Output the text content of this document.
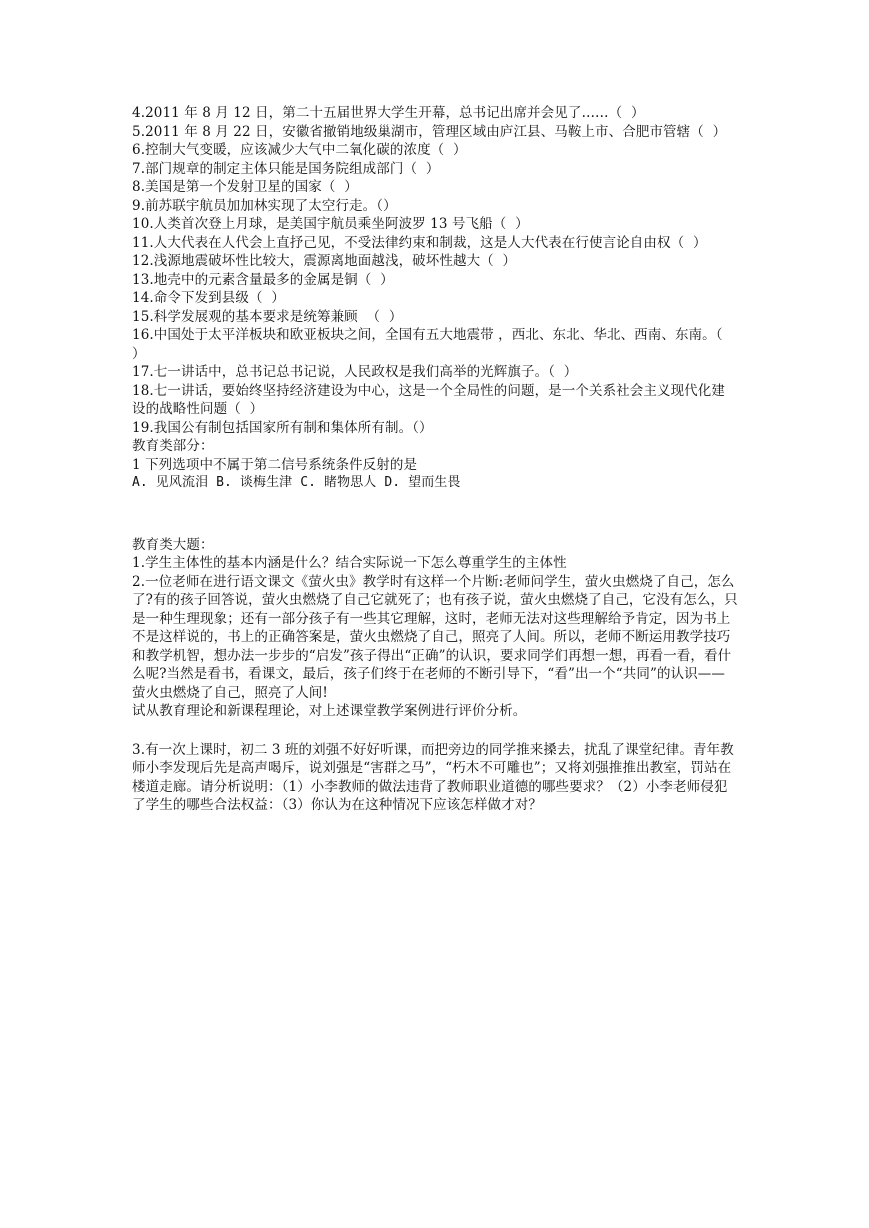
4.2011 年 8 月 12 日，第二十五届世界大学生开幕，总书记出席并会见了……（  ）
5.2011 年 8 月 22 日，安徽省撤销地级巢湖市，管理区域由庐江县、马鞍上市、合肥市管辖（  ）
6.控制大气变暖，应该减少大气中二氧化碳的浓度（  ）
7.部门规章的制定主体只能是国务院组成部门（  ）
8.美国是第一个发射卫星的国家（  ）
9.前苏联宇航员加加林实现了太空行走。（）
10.人类首次登上月球，是美国宇航员乘坐阿波罗 13 号飞船（  ）
11.人大代表在人代会上直抒己见，不受法律约束和制裁，这是人大代表在行使言论自由权（  ）
12.浅源地震破坏性比较大，震源离地面越浅，破坏性越大（  ）
13.地壳中的元素含量最多的金属是铜（  ）
14.命令下发到县级（  ）
15.科学发展观的基本要求是统筹兼顾  （  ）
16.中国处于太平洋板块和欧亚板块之间，全国有五大地震带 ，西北、东北、华北、西南、东南。（  ）
17.七一讲话中，总书记总书记说，人民政权是我们高举的光辉旗子。（  ）
18.七一讲话，要始终坚持经济建设为中心，这是一个全局性的问题，是一个关系社会主义现代化建设的战略性问题（  ）
19.我国公有制包括国家所有制和集体所有制。（）
教育类部分：
1 下列选项中不属于第二信号系统条件反射的是
A. 见风流泪 B. 谈梅生津 C. 睹物思人 D. 望而生畏
教育类大题：
1.学生主体性的基本内涵是什么？结合实际说一下怎么尊重学生的主体性
2.一位老师在进行语文课文《萤火虫》教学时有这样一个片断:老师问学生，萤火虫燃烧了自己，怎么了?有的孩子回答说，萤火虫燃烧了自己它就死了；也有孩子说，萤火虫燃烧了自己，它没有怎么，只是一种生理现象；还有一部分孩子有一些其它理解，这时，老师无法对这些理解给予肯定，因为书上不是这样说的，书上的正确答案是，萤火虫燃烧了自己，照亮了人间。所以，老师不断运用教学技巧和教学机智，想办法一步步的“启发”孩子得出“正确”的认识，要求同学们再想一想，再看一看，看什么呢?当然是看书，看课文，最后，孩子们终于在老师的不断引导下，“看”出一个“共同”的认识——萤火虫燃烧了自己，照亮了人间!
试从教育理论和新课程理论，对上述课堂教学案例进行评价分析。
3.有一次上课时，初二 3 班的刘强不好好听课，而把旁边的同学推来搡去，扰乱了课堂纪律。青年教师小李发现后先是高声喝斥，说刘强是“害群之马”，“朽木不可雕也”；又将刘强推推出教室，罚站在楼道走廊。请分析说明：（1）小李教师的做法违背了教师职业道德的哪些要求？（2）小李老师侵犯了学生的哪些合法权益：（3）你认为在这种情况下应该怎样做才对？
